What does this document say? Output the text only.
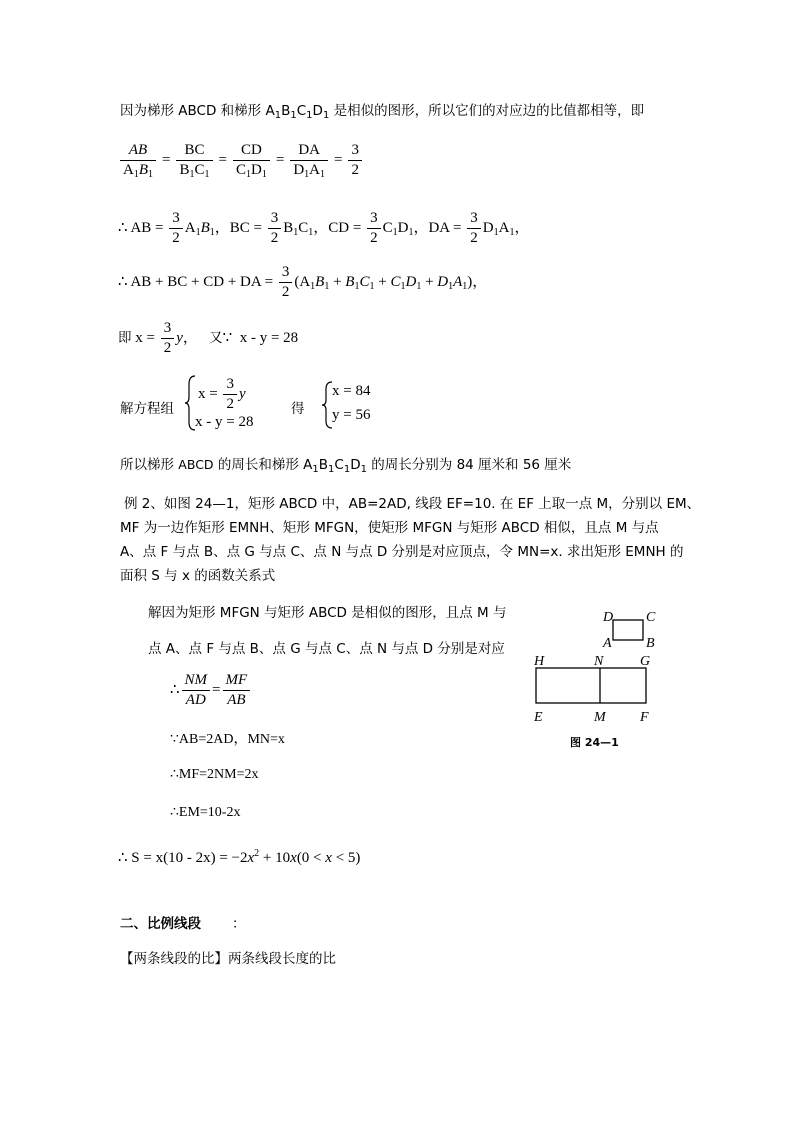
因为梯形 ABCD 和梯形 $A_1B_1C_1D_1$ 是相似的图形，所以它们的对应边的比值都相等，即
$\frac{AB}{A_1B_1} = \frac{BC}{B_1C_1} = \frac{CD}{C_1D_1} = \frac{DA}{D_1A_1} = \frac{3}{2}$
∴ AB = $\frac{3}{2} A_1B_1$，BC = $\frac{3}{2} B_1C_1$，CD = $\frac{3}{2} C_1D_1$，DA = $\frac{3}{2} D_1A_1$，
∴ AB + BC + CD + DA = $\frac{3}{2} (A_1B_1 + B_1C_1 + C_1D_1 + D_1A_1)$，
即 $x = \frac{3}{2}$ y，   又∵  x - y = 28
解方程组
$x = \frac{3}{2}$ y
x - y = 28
得
x = 84
y = 56
所以梯形 ABCD 的周长和梯形 $A_1B_1C_1D_1$ 的周长分别为 84 厘米和 56 厘米
例 2、如图 24—1，矩形 ABCD 中，AB=2AD, 线段 EF=10. 在 EF 上取一点 M，分别以 EM、
MF 为一边作矩形 EMNH、矩形 MFGN，使矩形 MFGN 与矩形 ABCD 相似，且点 M 与点
A、点 F 与点 B、点 G 与点 C、点 N 与点 D 分别是对应顶点，令 MN=x. 求出矩形 EMNH 的
面积 S 与 x 的函数关系式
解因为矩形 MFGN 与矩形 ABCD 是相似的图形，且点 M 与
点 A、点 F 与点 B、点 G 与点 C、点 N 与点 D 分别是对应
∴ $\frac{NM}{AD} = \frac{MF}{AB}$
∵AB=2AD，MN=x
∴MF=2NM=2x
∴EM=10-2x
∴ $S = x(10 - 2x) = -2x^2 + 10x(0 < x < 5)$
二、比例线段 ：
【两条线段的比】两条线段长度的比
D C
A B
H	N	G
E	M F
图 24—1
